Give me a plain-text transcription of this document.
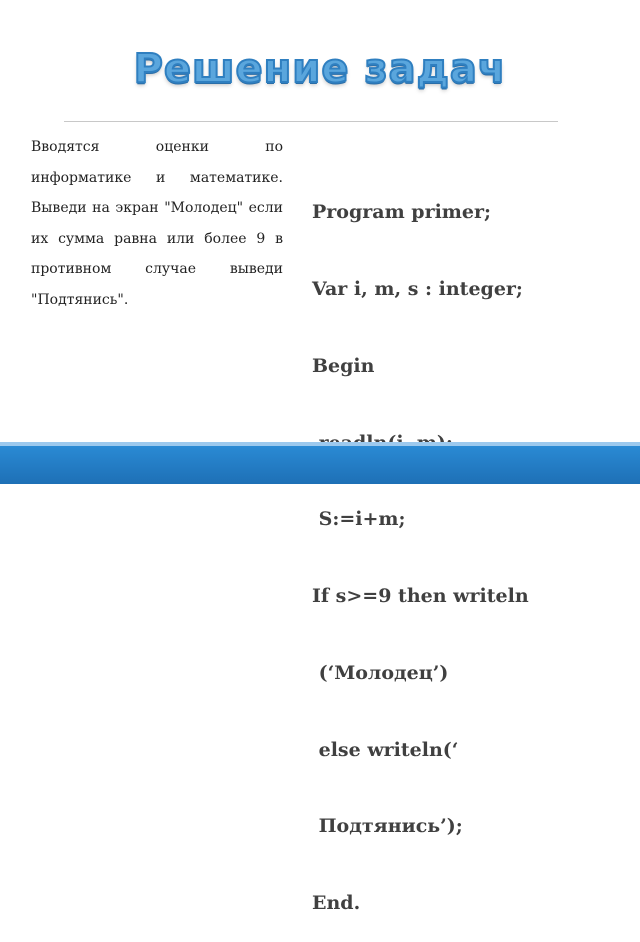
Решение задач
Вводятся оценки по информатике и математике. Выведи на экран "Молодец" если их сумма равна или более 9 в противном случае выведи "Подтянись".

Program primer;

Var i, m, s : integer;

Begin

S:=i+m;

If s>=9 then writeln

(‘Молодец’)

else writeln(‘

Подтянись’);

End.
